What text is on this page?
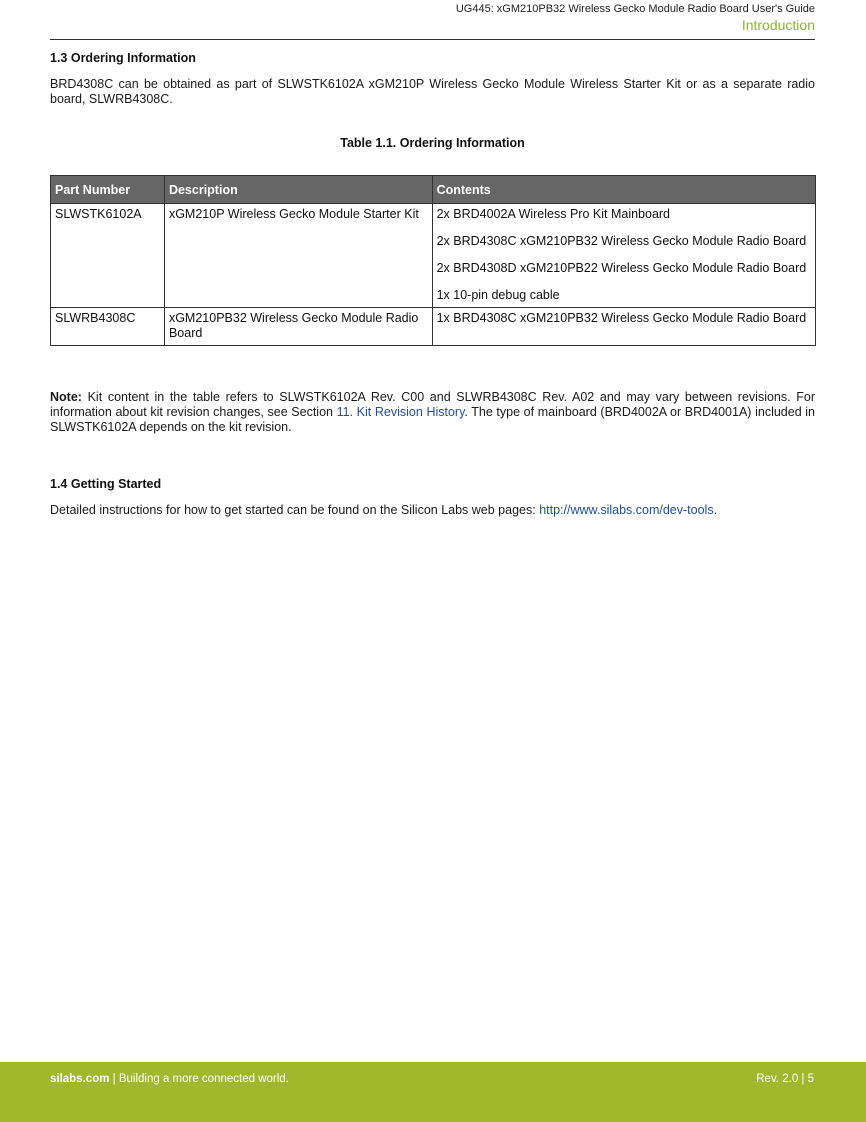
UG445: xGM210PB32 Wireless Gecko Module Radio Board User's Guide
Introduction
1.3 Ordering Information

BRD4308C can be obtained as part of SLWSTK6102A xGM210P Wireless Gecko Module Wireless Starter Kit or as a separate radio board, SLWRB4308C.

Table 1.1. Ordering Information
Part Number	Description	Contents
SLWSTK6102A	xGM210P Wireless Gecko Module Starter Kit	2x BRD4002A Wireless Pro Kit Mainboard
2x BRD4308C xGM210PB32 Wireless Gecko Module Radio Board
2x BRD4308D xGM210PB22 Wireless Gecko Module Radio Board
1x 10-pin debug cable

SLWRB4308C	xGM210PB32 Wireless Gecko Module Radio Board	1x BRD4308C xGM210PB32 Wireless Gecko Module Radio Board

Note: Kit content in the table refers to SLWSTK6102A Rev. C00 and SLWRB4308C Rev. A02 and may vary between revisions. For information about kit revision changes, see Section 11. Kit Revision History. The type of mainboard (BRD4002A or BRD4001A) included in SLWSTK6102A depends on the kit revision.

1.4 Getting Started

Detailed instructions for how to get started can be found on the Silicon Labs web pages: http://www.silabs.com/dev-tools.

silabs.com | Building a more connected world.	Rev. 2.0 | 5
